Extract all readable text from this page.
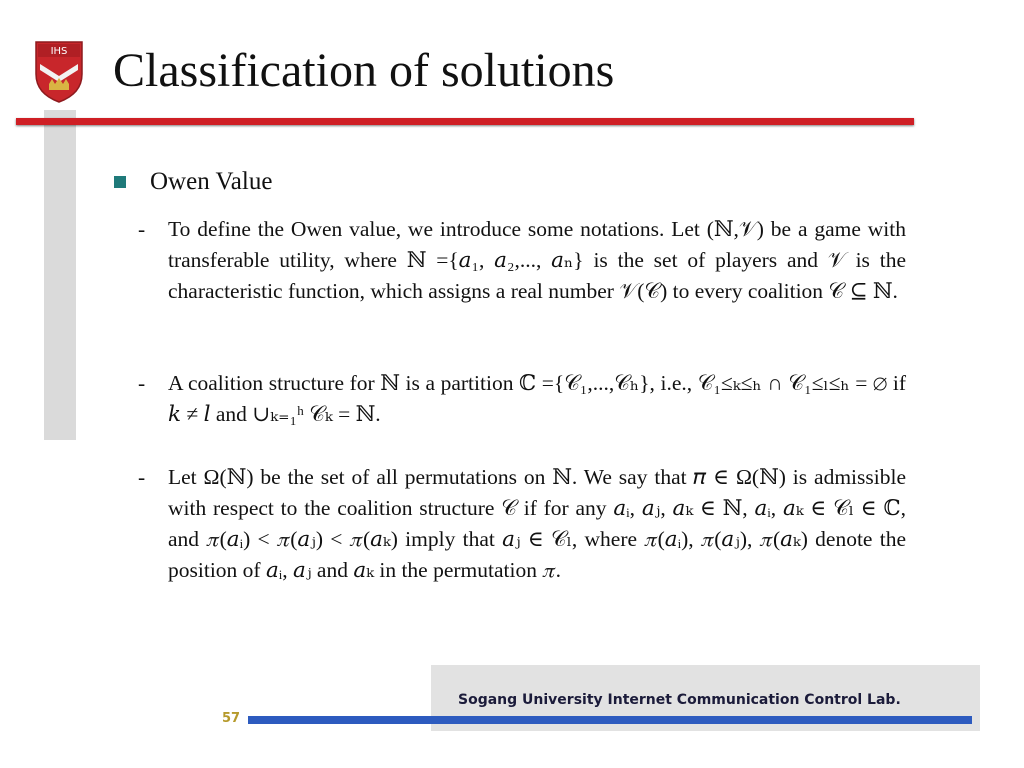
IHS Classification of solutions
Owen Value
- To define the Owen value, we introduce some notations. Let (ℕ,𝒱) be a game with transferable utility, where ℕ ={𝑎₁, 𝑎₂,..., 𝑎ₙ} is the set of players and 𝒱 is the characteristic function, which assigns a real number 𝒱(𝒞) to every coalition 𝒞 ⊆ ℕ.
- A coalition structure for ℕ is a partition ℂ ={𝒞₁,...,𝒞ₕ}, i.e., 𝒞₁≤ₖ≤ₕ ∩ 𝒞₁≤ₗ≤ₕ = ∅ if 𝑘 ≠ 𝑙 and ∪ₖ₌₁ʰ 𝒞ₖ = ℕ.
- Let Ω(ℕ) be the set of all permutations on ℕ. We say that 𝜋 ∈ Ω(ℕ) is admissible with respect to the coalition structure 𝒞 if for any 𝑎ᵢ, 𝑎ⱼ, 𝑎ₖ ∈ ℕ, 𝑎ᵢ, 𝑎ₖ ∈ 𝒞ₗ ∈ ℂ, and 𝜋(𝑎ᵢ) < 𝜋(𝑎ⱼ) < 𝜋(𝑎ₖ) imply that 𝑎ⱼ ∈ 𝒞ₗ, where 𝜋(𝑎ᵢ), 𝜋(𝑎ⱼ), 𝜋(𝑎ₖ) denote the position of 𝑎ᵢ, 𝑎ⱼ and 𝑎ₖ in the permutation 𝜋.
Sogang University Internet Communication Control Lab.
57
